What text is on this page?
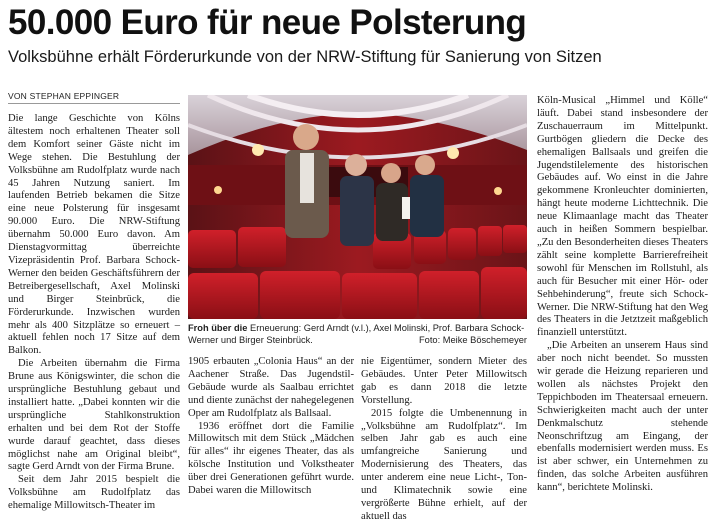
50.000 Euro für neue Polsterung
Volksbühne erhält Förderurkunde von der NRW-Stiftung für Sanierung von Sitzen
VON STEPHAN EPPINGER

Die lange Geschichte von Kölns ältestem noch erhaltenen Theater soll dem Komfort seiner Gäste nicht im Wege stehen. Die Bestuhlung der Volksbühne am Rudolfplatz wurde nach 45 Jahren Nutzung saniert. Im laufenden Betrieb bekamen die Sitze eine neue Polsterung für insgesamt 90.000 Euro. Die NRW-Stiftung übernahm 50.000 Euro davon. Am Dienstagvormittag überreichte Vizepräsidentin Prof. Barbara Schock-Werner den beiden Geschäftsführern der Betreibergesellschaft, Axel Molinski und Birger Steinbrück, die Förderurkunde. Inzwischen wurden mehr als 400 Sitzplätze so erneuert – aktuell fehlen noch 17 Sitze auf dem Balkon.

Die Arbeiten übernahm die Firma Brune aus Königswinter, die schon die ursprüngliche Bestuhlung gebaut und installiert hatte. „Dabei konnten wir die ursprüngliche Stahlkonstruktion erhalten und bei dem Rot der Stoffe wurde darauf geachtet, dass dieses möglichst nahe am Original bleibt“, sagte Gerd Arndt von der Firma Brune.

Seit dem Jahr 2015 bespielt die Volksbühne am Rudolfplatz das ehemalige Millowitsch-Theater im

Froh über die Erneuerung: Gerd Arndt (v.l.), Axel Molinski, Prof. Barbara Schock-Werner und Birger Steinbrück.	Foto: Meike Böschemeyer

1905 erbauten „Colonia Haus“ an der Aachener Straße. Das Jugendstil-Gebäude wurde als Saalbau errichtet und diente zunächst der nahegelegenen Oper am Rudolfplatz als Ballsaal.

1936 eröffnet dort die Familie Millowitsch mit dem Stück „Mädchen für alles“ ihr eigenes Theater, das als kölsche Institution und Volkstheater über drei Generationen geführt wurde. Dabei waren die Millowitsch

nie Eigentümer, sondern Mieter des Gebäudes. Unter Peter Millowitsch gab es dann 2018 die letzte Vorstellung.

2015 folgte die Umbenennung in „Volksbühne am Rudolfplatz“. Im selben Jahr gab es auch eine umfangreiche Sanierung und Modernisierung des Theaters, das unter anderem eine neue Licht-, Ton- und Klimatechnik sowie eine vergrößerte Bühne erhielt, auf der aktuell das

Köln-Musical „Himmel und Kölle“ läuft. Dabei stand insbesondere der Zuschauerraum im Mittelpunkt. Gurtbögen gliedern die Decke des ehemaligen Ballsaals und greifen die Jugendstilelemente des historischen Gebäudes auf. Wo einst in die Jahre gekommene Kronleuchter dominierten, hängt heute moderne Lichttechnik. Die neue Klimaanlage macht das Theater auch in heißen Sommern bespielbar. „Zu den Besonderheiten dieses Theaters zählt seine komplette Barrierefreiheit sowohl für Menschen im Rollstuhl, als auch für Besucher mit einer Hör- oder Sehbehinderung“, freute sich Schock-Werner. Die NRW-Stiftung hat den Weg des Theaters in die Jetztzeit maßgeblich finanziell unterstützt.

„Die Arbeiten an unserem Haus sind aber noch nicht beendet. So mussten wir gerade die Heizung reparieren und wollen als nächstes Projekt den Teppichboden im Theatersaal erneuern. Schwierigkeiten macht auch der unter Denkmalschutz stehende Neonschriftzug am Eingang, der ebenfalls modernisiert werden muss. Es ist aber schwer, ein Unternehmen zu finden, das solche Arbeiten ausführen kann“, berichtete Molinski.
